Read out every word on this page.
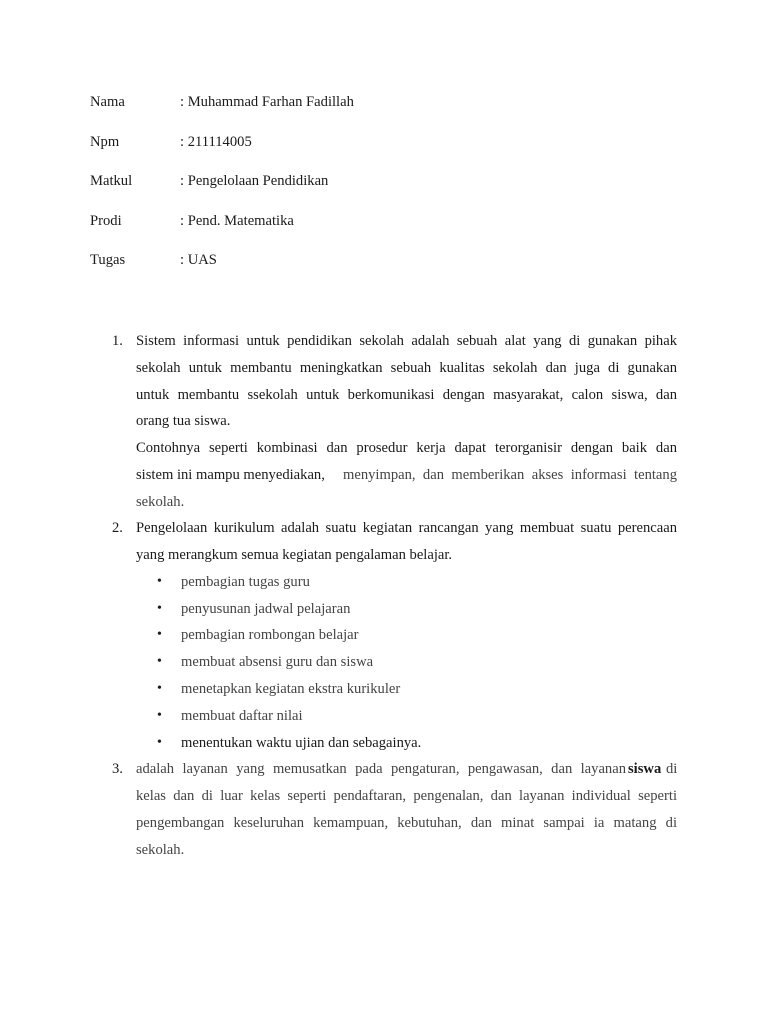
Nama	: Muhammad Farhan Fadillah
Npm	: 211114005
Matkul	: Pengelolaan Pendidikan
Prodi	: Pend. Matematika
Tugas	: UAS
1. Sistem informasi untuk pendidikan sekolah adalah sebuah alat yang di gunakan pihak
sekolah untuk membantu meningkatkan sebuah kualitas sekolah dan juga di gunakan
untuk membantu ssekolah untuk berkomunikasi dengan masyarakat, calon siswa, dan
orang tua siswa.
Contohnya seperti kombinasi dan prosedur kerja dapat terorganisir dengan baik dan
sistem ini mampu menyediakan, menyimpan, dan memberikan akses informasi tentang
sekolah.
2. Pengelolaan kurikulum adalah suatu kegiatan rancangan yang membuat suatu perencaan
yang merangkum semua kegiatan pengalaman belajar.
• pembagian tugas guru
• penyusunan jadwal pelajaran
• pembagian rombongan belajar
• membuat absensi guru dan siswa
• menetapkan kegiatan ekstra kurikuler
• membuat daftar nilai
• menentukan waktu ujian dan sebagainya.
3. adalah layanan yang memusatkan pada pengaturan, pengawasan, dan layanan siswa di
kelas dan di luar kelas seperti pendaftaran, pengenalan, dan layanan individual seperti
pengembangan keseluruhan kemampuan, kebutuhan, dan minat sampai ia matang di
sekolah.
